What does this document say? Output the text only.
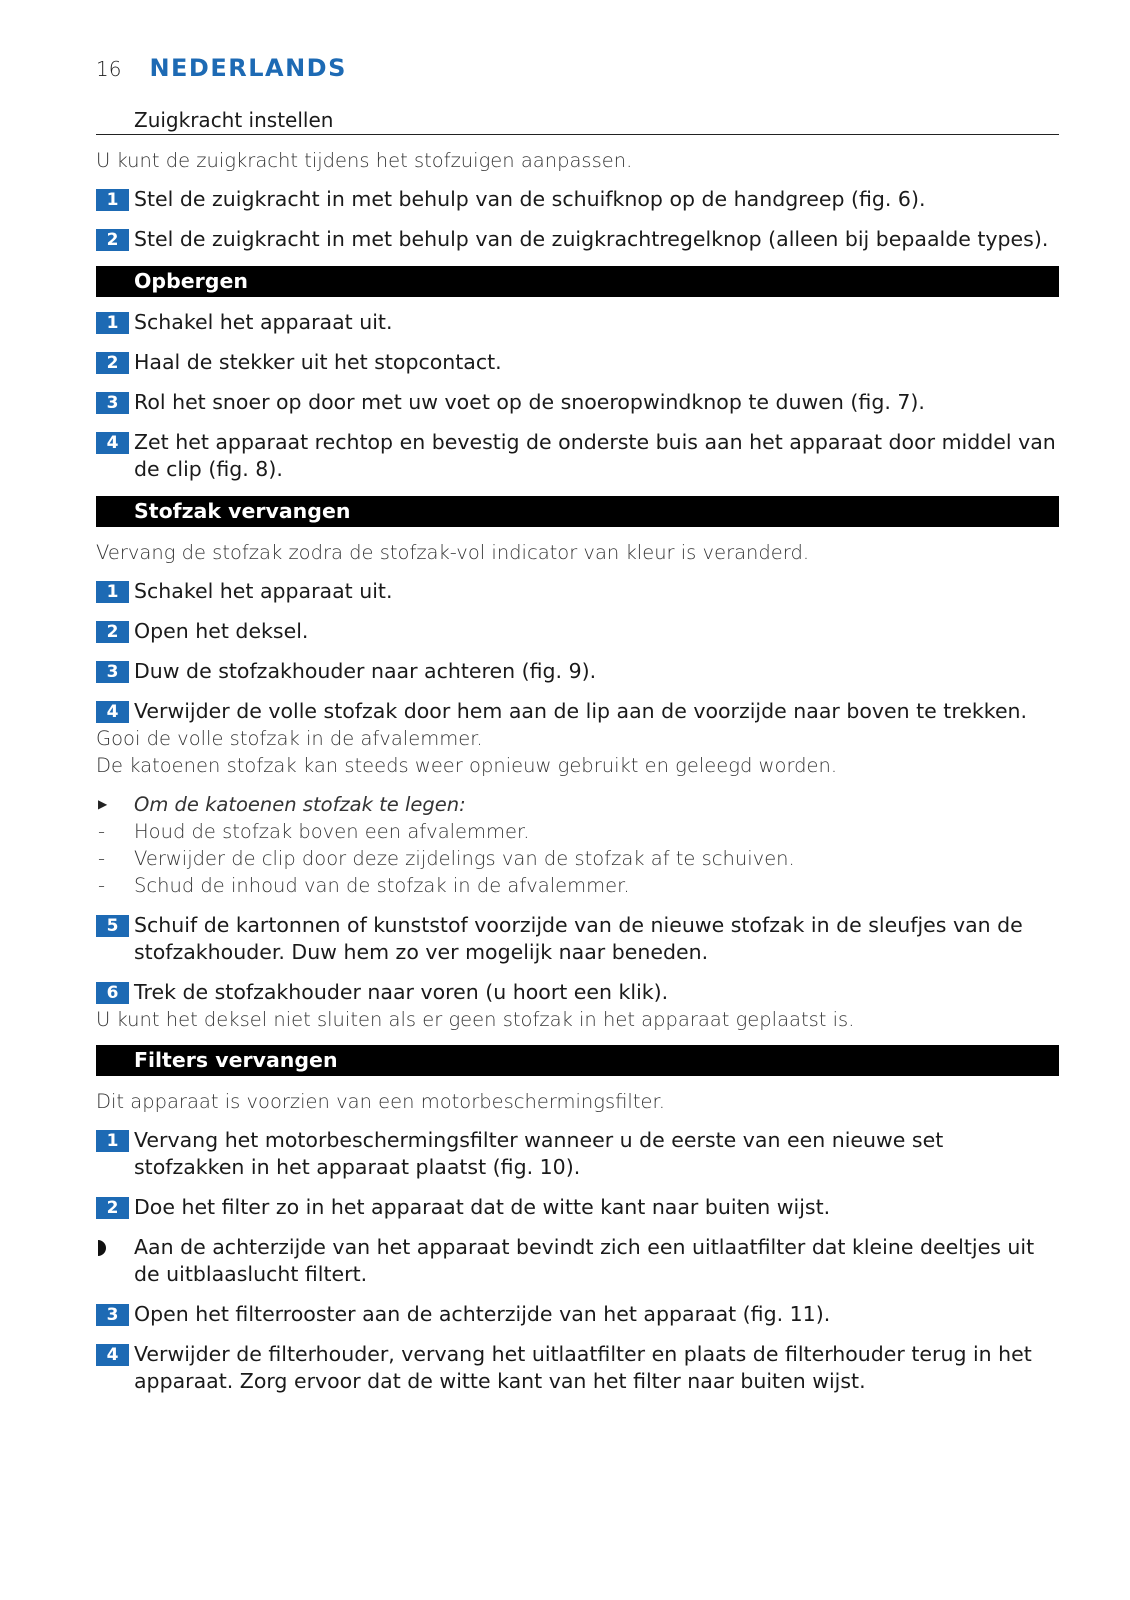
16 NEDERLANDS
Zuigkracht instellen
U kunt de zuigkracht tijdens het stofzuigen aanpassen.
1 Stel de zuigkracht in met behulp van de schuifknop op de handgreep (fig. 6).
2 Stel de zuigkracht in met behulp van de zuigkrachtregelknop (alleen bij bepaalde types).
Opbergen
1 Schakel het apparaat uit.
2 Haal de stekker uit het stopcontact.
3 Rol het snoer op door met uw voet op de snoeropwindknop te duwen (fig. 7).
4 Zet het apparaat rechtop en bevestig de onderste buis aan het apparaat door middel van de clip (fig. 8).
Stofzak vervangen
Vervang de stofzak zodra de stofzak-vol indicator van kleur is veranderd.
1 Schakel het apparaat uit.
2 Open het deksel.
3 Duw de stofzakhouder naar achteren (fig. 9).
4 Verwijder de volle stofzak door hem aan de lip aan de voorzijde naar boven te trekken.
Gooi de volle stofzak in de afvalemmer.
De katoenen stofzak kan steeds weer opnieuw gebruikt en geleegd worden.
▶ Om de katoenen stofzak te legen:
- Houd de stofzak boven een afvalemmer.
- Verwijder de clip door deze zijdelings van de stofzak af te schuiven.
- Schud de inhoud van de stofzak in de afvalemmer.
5 Schuif de kartonnen of kunststof voorzijde van de nieuwe stofzak in de sleufjes van de stofzakhouder. Duw hem zo ver mogelijk naar beneden.
6 Trek de stofzakhouder naar voren (u hoort een klik).
U kunt het deksel niet sluiten als er geen stofzak in het apparaat geplaatst is.
Filters vervangen
Dit apparaat is voorzien van een motorbeschermingsfilter.
1 Vervang het motorbeschermingsfilter wanneer u de eerste van een nieuwe set stofzakken in het apparaat plaatst (fig. 10).
2 Doe het filter zo in het apparaat dat de witte kant naar buiten wijst.
Aan de achterzijde van het apparaat bevindt zich een uitlaatfilter dat kleine deeltjes uit de uitblaaslucht filtert.
3 Open het filterrooster aan de achterzijde van het apparaat (fig. 11).
4 Verwijder de filterhouder, vervang het uitlaatfilter en plaats de filterhouder terug in het apparaat. Zorg ervoor dat de witte kant van het filter naar buiten wijst.
